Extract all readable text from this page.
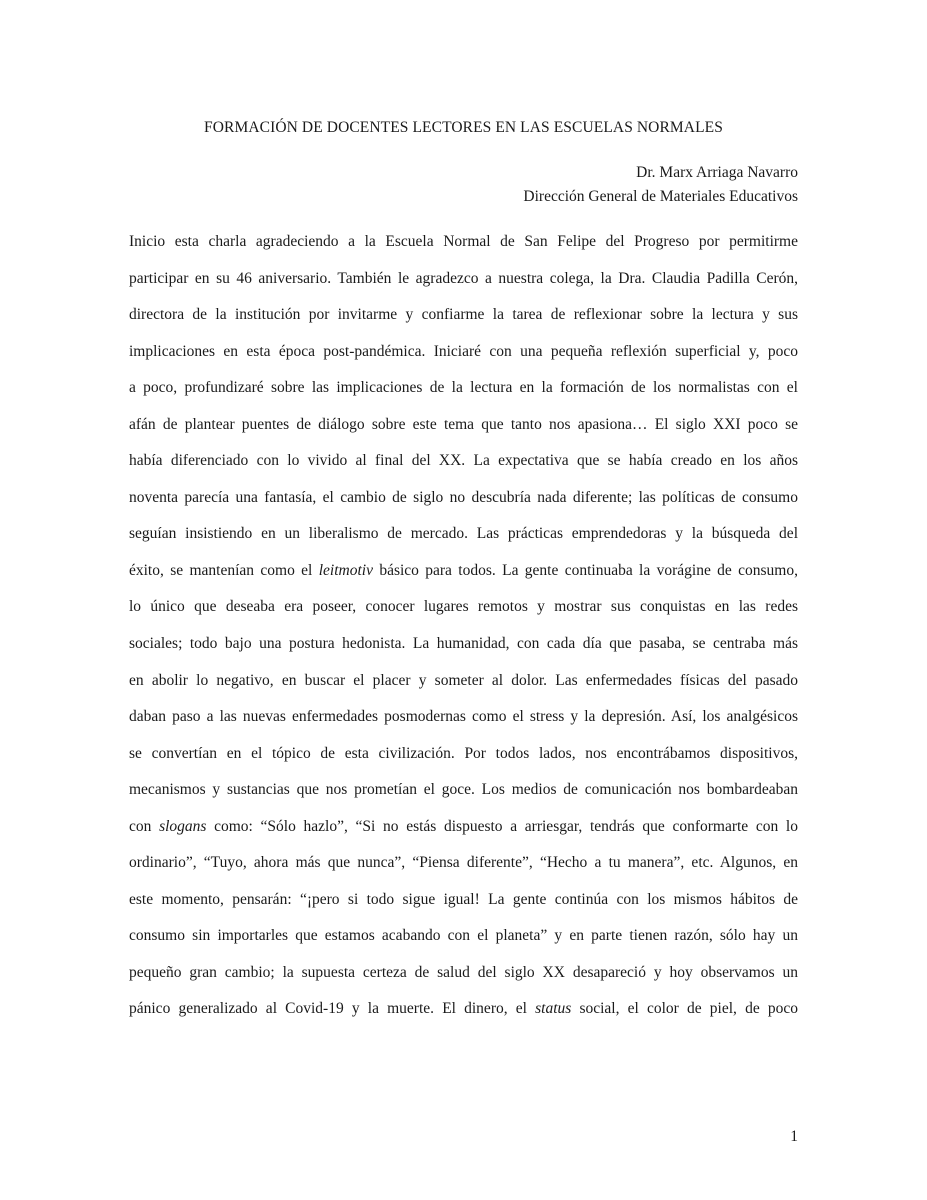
FORMACIÓN DE DOCENTES LECTORES EN LAS ESCUELAS NORMALES
Dr. Marx Arriaga Navarro
Dirección General de Materiales Educativos
Inicio esta charla agradeciendo a la Escuela Normal de San Felipe del Progreso por permitirme
participar en su 46 aniversario. También le agradezco a nuestra colega, la Dra. Claudia Padilla Cerón,
directora de la institución por invitarme y confiarme la tarea de reflexionar sobre la lectura y sus
implicaciones en esta época post-pandémica. Iniciaré con una pequeña reflexión superficial y, poco
a poco, profundizaré sobre las implicaciones de la lectura en la formación de los normalistas con el
afán de plantear puentes de diálogo sobre este tema que tanto nos apasiona… El siglo XXI poco se
había diferenciado con lo vivido al final del XX. La expectativa que se había creado en los años
noventa parecía una fantasía, el cambio de siglo no descubría nada diferente; las políticas de consumo
seguían insistiendo en un liberalismo de mercado. Las prácticas emprendedoras y la búsqueda del
éxito, se mantenían como el leitmotiv básico para todos. La gente continuaba la vorágine de consumo,
lo único que deseaba era poseer, conocer lugares remotos y mostrar sus conquistas en las redes
sociales; todo bajo una postura hedonista. La humanidad, con cada día que pasaba, se centraba más
en abolir lo negativo, en buscar el placer y someter al dolor. Las enfermedades físicas del pasado
daban paso a las nuevas enfermedades posmodernas como el stress y la depresión. Así, los analgésicos
se convertían en el tópico de esta civilización. Por todos lados, nos encontrábamos dispositivos,
mecanismos y sustancias que nos prometían el goce. Los medios de comunicación nos bombardeaban
con slogans como: “Sólo hazlo”, “Si no estás dispuesto a arriesgar, tendrás que conformarte con lo
ordinario”, “Tuyo, ahora más que nunca”, “Piensa diferente”, “Hecho a tu manera”, etc. Algunos, en
este momento, pensarán: “¡pero si todo sigue igual! La gente continúa con los mismos hábitos de
consumo sin importarles que estamos acabando con el planeta” y en parte tienen razón, sólo hay un
pequeño gran cambio; la supuesta certeza de salud del siglo XX desapareció y hoy observamos un
pánico generalizado al Covid-19 y la muerte. El dinero, el status social, el color de piel, de poco
1
